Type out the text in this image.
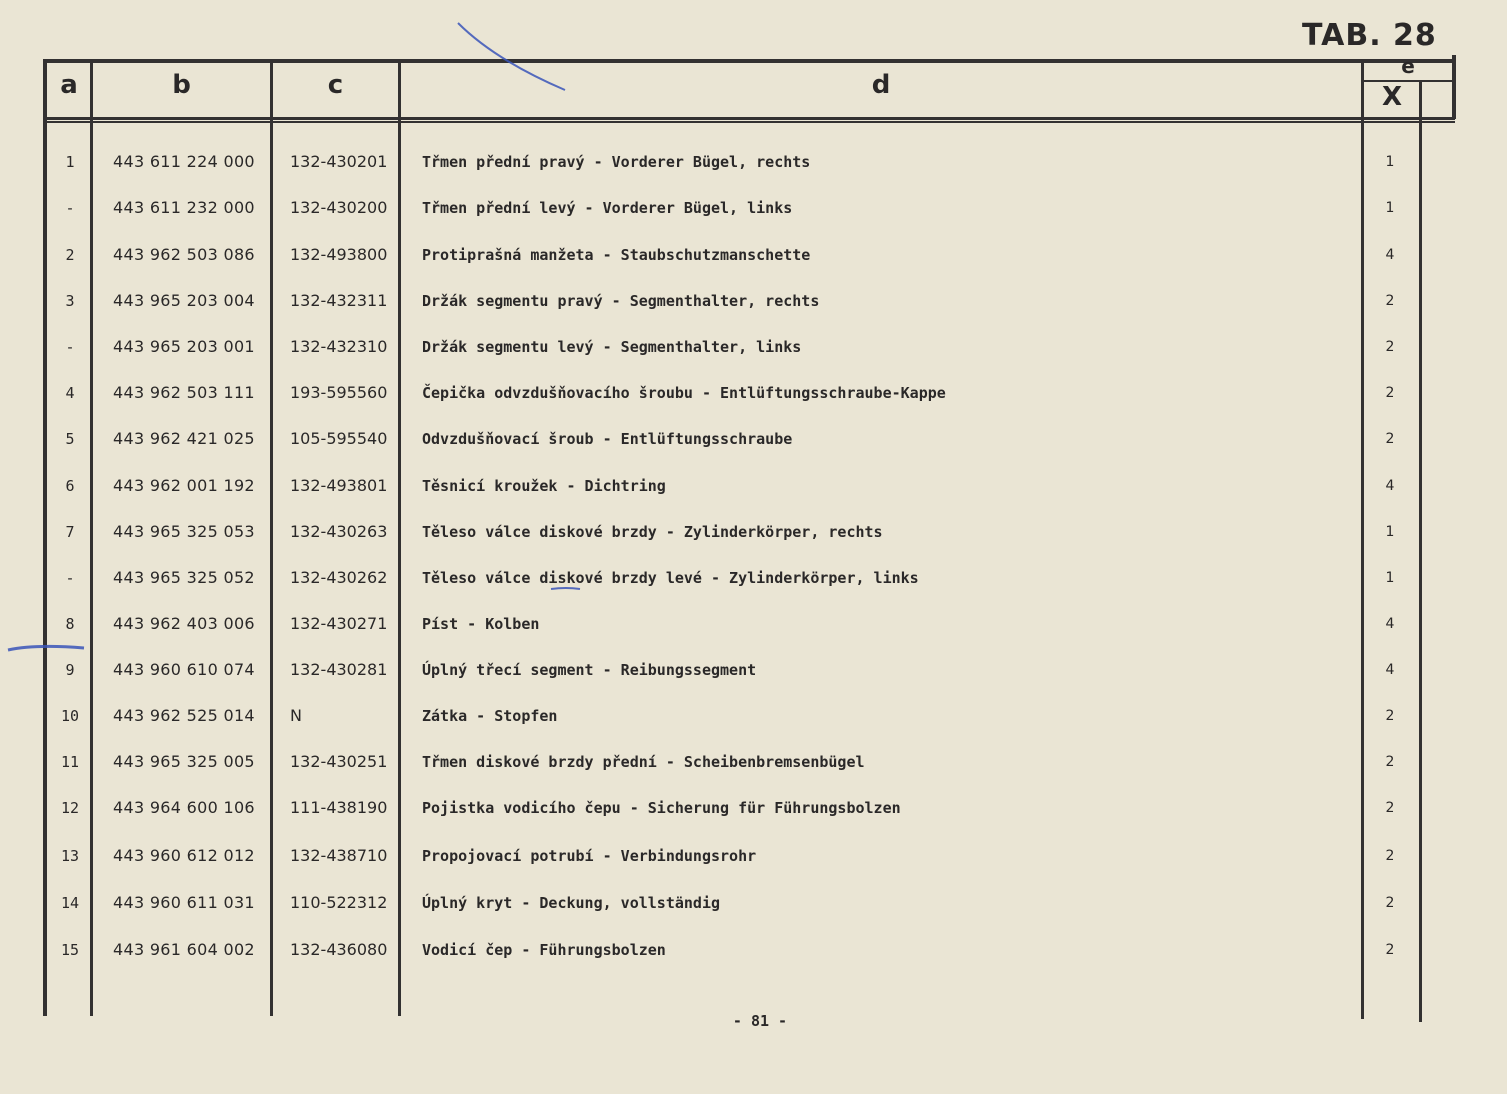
TAB. 28
a	b	c	d
e
X
1	443 611 224 000 132-430201 Třmen přední pravý - Vorderer Bügel, rechts	1
-	443 611 232 000 132-430200 Třmen přední levý - Vorderer Bügel, links	1
2	443 962 503 086 132-493800 Protiprašná manžeta - Staubschutzmanschette	4
3	443 965 203 004 132-432311 Držák segmentu pravý - Segmenthalter, rechts	2
-	443 965 203 001 132-432310 Držák segmentu levý - Segmenthalter, links	2
4	443 962 503 111 193-595560 Čepička odvzdušňovacího šroubu - Entlüftungsschraube-Kappe	2
5	443 962 421 025 105-595540 Odvzdušňovací šroub - Entlüftungsschraube	2
6	443 962 001 192 132-493801 Těsnicí kroužek - Dichtring	4
7	443 965 325 053 132-430263 Těleso válce diskové brzdy - Zylinderkörper, rechts	1
-	443 965 325 052 132-430262 Těleso válce diskové brzdy levé - Zylinderkörper, links	1
8	443 962 403 006 132-430271 Píst - Kolben	4
9	443 960 610 074 132-430281 Úplný třecí segment - Reibungssegment	4
10	443 962 525 014 N	Zátka - Stopfen	2
11	443 965 325 005 132-430251 Třmen diskové brzdy přední - Scheibenbremsenbügel	2
12	443 964 600 106 111-438190 Pojistka vodicího čepu - Sicherung für Führungsbolzen	2
13	443 960 612 012 132-438710 Propojovací potrubí - Verbindungsrohr	2
14	443 960 611 031 110-522312 Úplný kryt - Deckung, vollständig	2
15	443 961 604 002 132-436080 Vodicí čep - Führungsbolzen	2
- 81 -
